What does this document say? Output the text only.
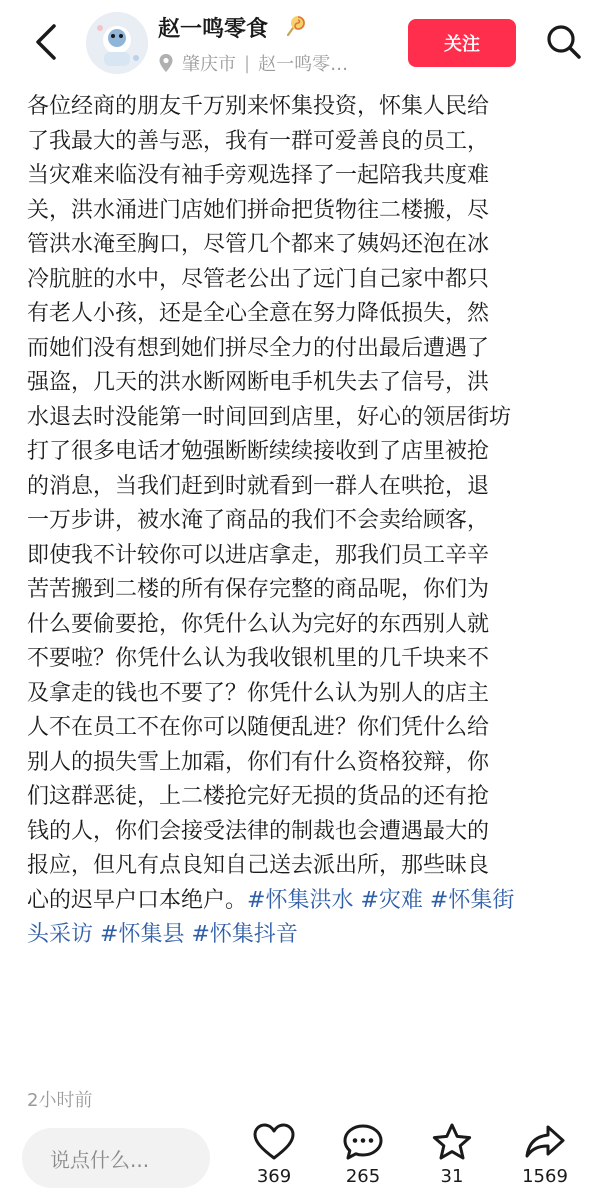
赵一鸣零食
肇庆市 | 赵一鸣零…
关注
各位经商的朋友千万别来怀集投资，怀集人民给
了我最大的善与恶，我有一群可爱善良的员工，
当灾难来临没有袖手旁观选择了一起陪我共度难
关，洪水涌进门店她们拼命把货物往二楼搬，尽
管洪水淹至胸口，尽管几个都来了姨妈还泡在冰
冷肮脏的水中，尽管老公出了远门自己家中都只
有老人小孩，还是全心全意在努力降低损失，然
而她们没有想到她们拼尽全力的付出最后遭遇了
强盗，几天的洪水断网断电手机失去了信号，洪
水退去时没能第一时间回到店里，好心的领居街坊
打了很多电话才勉强断断续续接收到了店里被抢
的消息，当我们赶到时就看到一群人在哄抢，退
一万步讲，被水淹了商品的我们不会卖给顾客，
即使我不计较你可以进店拿走，那我们员工辛辛
苦苦搬到二楼的所有保存完整的商品呢，你们为
什么要偷要抢，你凭什么认为完好的东西别人就
不要啦？你凭什么认为我收银机里的几千块来不
及拿走的钱也不要了？你凭什么认为别人的店主
人不在员工不在你可以随便乱进？你们凭什么给
别人的损失雪上加霜，你们有什么资格狡辩，你
们这群恶徒，上二楼抢完好无损的货品的还有抢
钱的人，你们会接受法律的制裁也会遭遇最大的
报应，但凡有点良知自己送去派出所，那些昧良
心的迟早户口本绝户。#怀集洪水 #灾难 #怀集街
头采访 #怀集县 #怀集抖音
2小时前
说点什么...
369	265	31	1569
